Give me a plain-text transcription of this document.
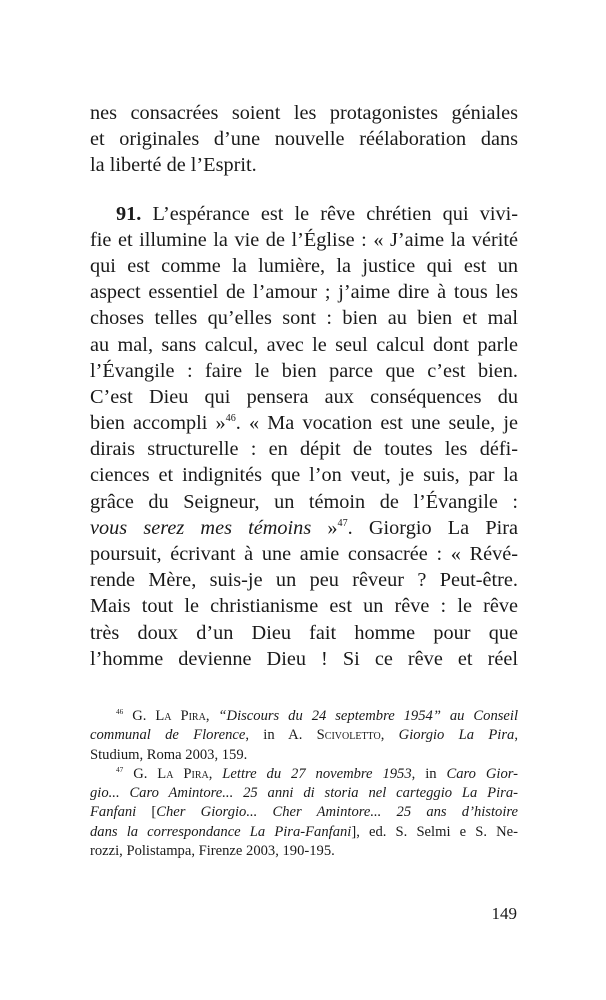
nes consacrées soient les protagonistes géniales
et originales d’une nouvelle réélaboration dans
la liberté de l’Esprit.
91. L’espérance est le rêve chrétien qui vivi-
fie et illumine la vie de l’Église : « J’aime la vérité
qui est comme la lumière, la justice qui est un
aspect essentiel de l’amour ; j’aime dire à tous les
choses telles qu’elles sont : bien au bien et mal
au mal, sans calcul, avec le seul calcul dont parle
l’Évangile : faire le bien parce que c’est bien.
C’est Dieu qui pensera aux conséquences du
bien accompli »$^{46}$. « Ma vocation est une seule, je
dirais structurelle : en dépit de toutes les défi-
ciences et indignités que l’on veut, je suis, par la
grâce du Seigneur, un témoin de l’Évangile :
vous serez mes témoins »$^{47}$. Giorgio La Pira
poursuit, écrivant à une amie consacrée : « Révé-
rende Mère, suis-je un peu rêveur ? Peut-être.
Mais tout le christianisme est un rêve : le rêve
très doux d’un Dieu fait homme pour que
l’homme devienne Dieu ! Si ce rêve et réel
$^{46}$ G. La Pira, “Discours du 24 septembre 1954” au Conseil
communal de Florence, in A. Scivoletto, Giorgio La Pira,
Studium, Roma 2003, 159.
$^{47}$ G. La Pira, Lettre du 27 novembre 1953, in Caro Gior-
gio... Caro Amintore... 25 anni di storia nel carteggio La Pira-
Fanfani [Cher Giorgio... Cher Amintore... 25 ans d’histoire
dans la correspondance La Pira-Fanfani], ed. S. Selmi e S. Ne-
rozzi, Polistampa, Firenze 2003, 190-195.
149
